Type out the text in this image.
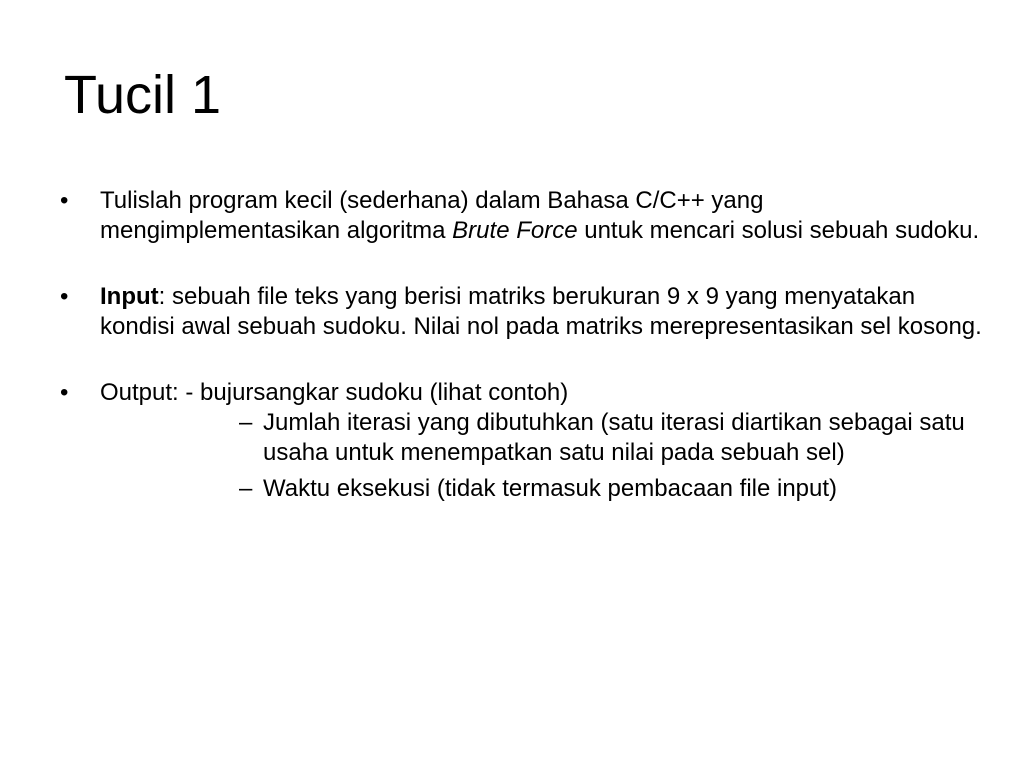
Tucil 1
•	Tulislah program kecil (sederhana) dalam Bahasa C/C++ yang mengimplementasikan algoritma Brute Force untuk mencari solusi sebuah sudoku.
•	Input: sebuah file teks yang berisi matriks berukuran 9 x 9 yang menyatakan kondisi awal sebuah sudoku. Nilai nol pada matriks merepresentasikan sel kosong.
•	Output: - bujursangkar sudoku (lihat contoh)
– Jumlah iterasi yang dibutuhkan (satu iterasi diartikan sebagai satu usaha untuk menempatkan satu nilai pada sebuah sel)
– Waktu eksekusi (tidak termasuk pembacaan file input)
